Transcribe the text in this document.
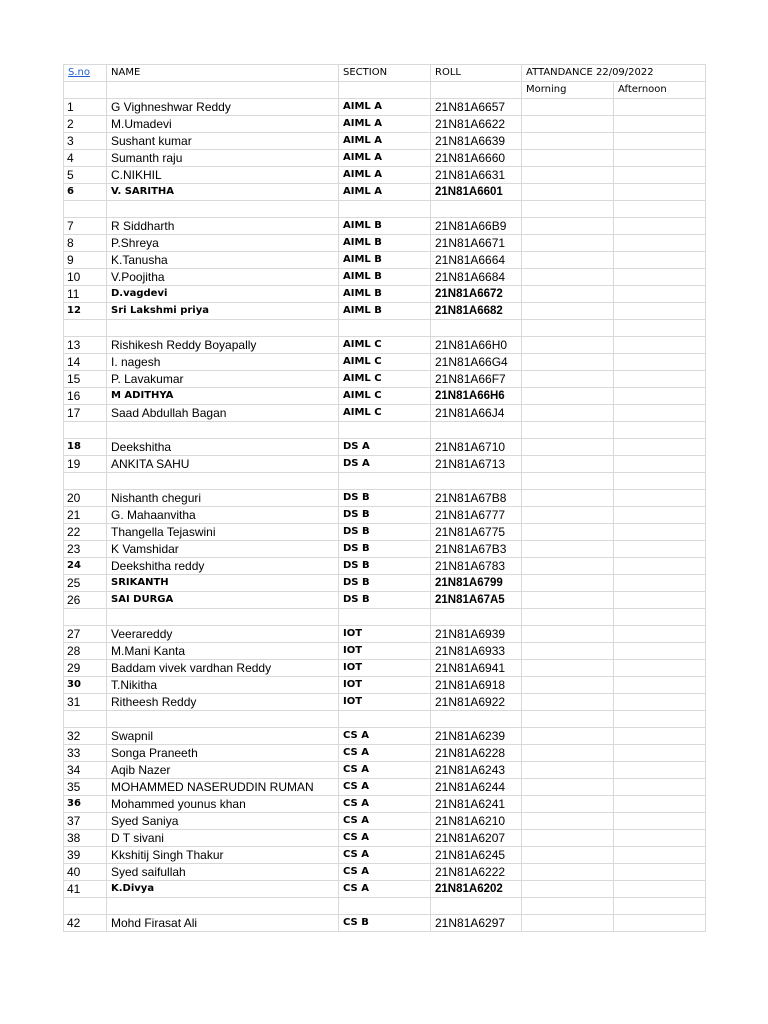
S.no	NAME	SECTION	ROLL	ATTANDANCE 22/09/2022	
				Morning	Afternoon
1	G Vighneshwar Reddy	AIML A	21N81A6657		
2	M.Umadevi	AIML A	21N81A6622		
3	Sushant kumar	AIML A	21N81A6639		
4	Sumanth raju	AIML A	21N81A6660		
5	C.NIKHIL	AIML A	21N81A6631		
6	V. SARITHA	AIML A	21N81A6601		

7	R Siddharth	AIML B	21N81A66B9		
8	P.Shreya	AIML B	21N81A6671		
9	K.Tanusha	AIML B	21N81A6664		
10	V.Poojitha	AIML B	21N81A6684		
11	D.vagdevi	AIML B	21N81A6672		
12	Sri Lakshmi priya	AIML B	21N81A6682		

13	Rishikesh Reddy Boyapally	AIML C	21N81A66H0		
14	I. nagesh	AIML C	21N81A66G4		
15	P. Lavakumar	AIML C	21N81A66F7		
16	M ADITHYA	AIML C	21N81A66H6		
17	Saad Abdullah Bagan	AIML C	21N81A66J4		

18	Deekshitha	DS A	21N81A6710		
19	ANKITA SAHU	DS A	21N81A6713		

20	Nishanth cheguri	DS B	21N81A67B8		
21	G. Mahaanvitha	DS B	21N81A6777		
22	Thangella Tejaswini	DS B	21N81A6775		
23	K Vamshidar	DS B	21N81A67B3		
24	Deekshitha reddy	DS B	21N81A6783		
25	SRIKANTH	DS B	21N81A6799		
26	SAI DURGA	DS B	21N81A67A5		

27	Veerareddy	IOT	21N81A6939		
28	M.Mani Kanta	IOT	21N81A6933		
29	Baddam vivek vardhan Reddy	IOT	21N81A6941		
30	T.Nikitha	IOT	21N81A6918		
31	Ritheesh Reddy	IOT	21N81A6922		

32	Swapnil	CS A	21N81A6239		
33	Songa Praneeth	CS A	21N81A6228		
34	Aqib Nazer	CS A	21N81A6243		
35	MOHAMMED NASERUDDIN RUMAN	CS A	21N81A6244		
36	Mohammed younus khan	CS A	21N81A6241		
37	Syed Saniya	CS A	21N81A6210		
38	D T sivani	CS A	21N81A6207		
39	Kkshitij Singh Thakur	CS A	21N81A6245		
40	Syed saifullah	CS A	21N81A6222		
41	K.Divya	CS A	21N81A6202		

42	Mohd Firasat Ali	CS B	21N81A6297		
